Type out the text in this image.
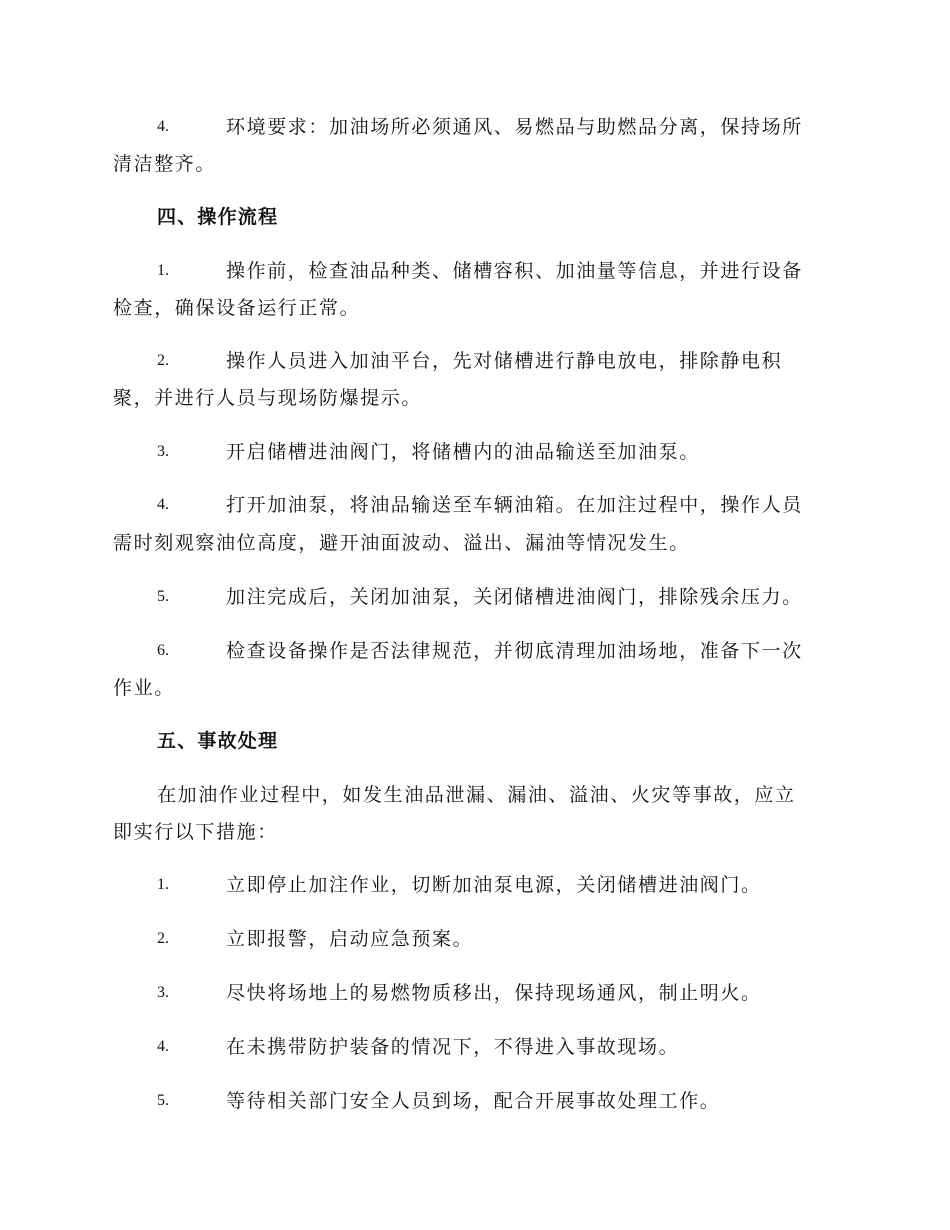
4.	环境要求：加油场所必须通风、易燃品与助燃品分离，保持场所
清洁整齐。
四、操作流程
1.	操作前，检查油品种类、储槽容积、加油量等信息，并进行设备
检查，确保设备运行正常。
2.	操作人员进入加油平台，先对储槽进行静电放电，排除静电积
聚，并进行人员与现场防爆提示。
3.	开启储槽进油阀门，将储槽内的油品输送至加油泵。
4.	打开加油泵，将油品输送至车辆油箱。在加注过程中，操作人员
需时刻观察油位高度，避开油面波动、溢出、漏油等情况发生。
5.	加注完成后，关闭加油泵，关闭储槽进油阀门，排除残余压力。
6.	检查设备操作是否法律规范，并彻底清理加油场地，准备下一次
作业。
五、事故处理
在加油作业过程中，如发生油品泄漏、漏油、溢油、火灾等事故，应立
即实行以下措施：
1.	立即停止加注作业，切断加油泵电源，关闭储槽进油阀门。
2.	立即报警，启动应急预案。
3.	尽快将场地上的易燃物质移出，保持现场通风，制止明火。
4.	在未携带防护装备的情况下，不得进入事故现场。
5.	等待相关部门安全人员到场，配合开展事故处理工作。
